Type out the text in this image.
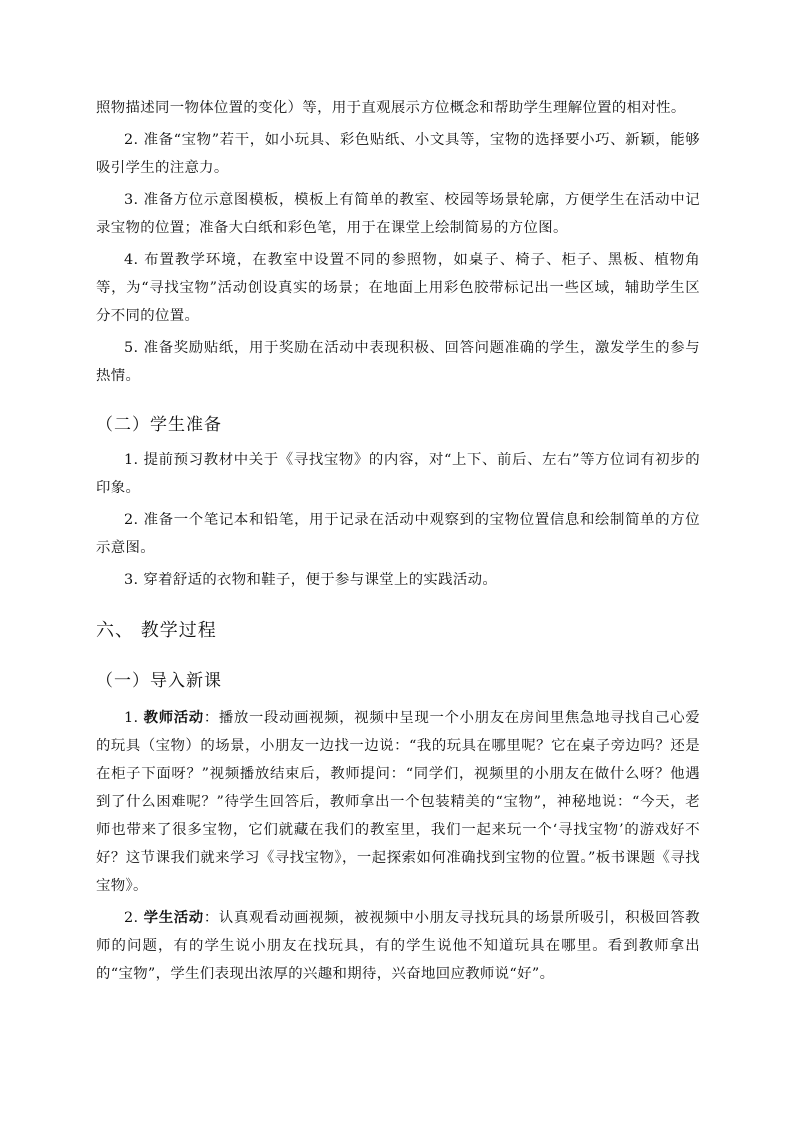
照物描述同一物体位置的变化）等，用于直观展示方位概念和帮助学生理解位置的相对性。

2. 准备“宝物”若干，如小玩具、彩色贴纸、小文具等，宝物的选择要小巧、新颖，能够吸引学生的注意力。

3. 准备方位示意图模板，模板上有简单的教室、校园等场景轮廓，方便学生在活动中记录宝物的位置；准备大白纸和彩色笔，用于在课堂上绘制简易的方位图。

4. 布置教学环境，在教室中设置不同的参照物，如桌子、椅子、柜子、黑板、植物角等，为“寻找宝物”活动创设真实的场景；在地面上用彩色胶带标记出一些区域，辅助学生区分不同的位置。

5. 准备奖励贴纸，用于奖励在活动中表现积极、回答问题准确的学生，激发学生的参与热情。

（二）学生准备

1. 提前预习教材中关于《寻找宝物》的内容，对“上下、前后、左右”等方位词有初步的印象。

2. 准备一个笔记本和铅笔，用于记录在活动中观察到的宝物位置信息和绘制简单的方位示意图。

3. 穿着舒适的衣物和鞋子，便于参与课堂上的实践活动。

六、 教学过程
（一）导入新课

1. 教师活动：播放一段动画视频，视频中呈现一个小朋友在房间里焦急地寻找自己心爱的玩具（宝物）的场景，小朋友一边找一边说：“我的玩具在哪里呢？它在桌子旁边吗？还是在柜子下面呀？”视频播放结束后，教师提问：“同学们，视频里的小朋友在做什么呀？他遇到了什么困难呢？”待学生回答后，教师拿出一个包装精美的“宝物”，神秘地说：“今天，老师也带来了很多宝物，它们就藏在我们的教室里，我们一起来玩一个‘寻找宝物’的游戏好不好？这节课我们就来学习《寻找宝物》，一起探索如何准确找到宝物的位置。”板书课题《寻找宝物》。

2. 学生活动：认真观看动画视频，被视频中小朋友寻找玩具的场景所吸引，积极回答教师的问题，有的学生说小朋友在找玩具，有的学生说他不知道玩具在哪里。看到教师拿出的“宝物”，学生们表现出浓厚的兴趣和期待，兴奋地回应教师说“好”。
